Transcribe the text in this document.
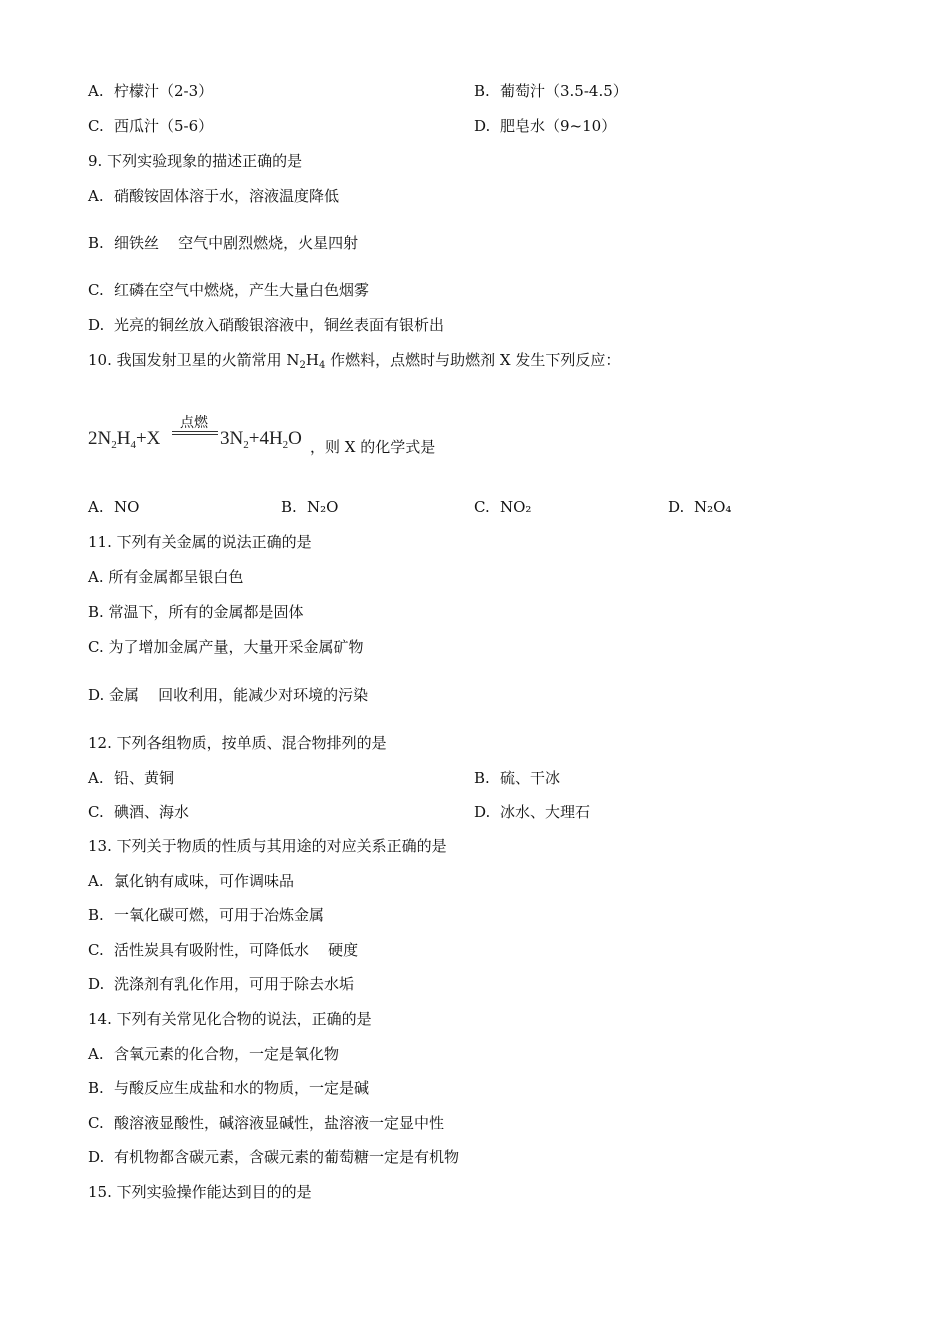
A. 柠檬汁（2-3）	B. 葡萄汁（3.5-4.5）
C. 西瓜汁（5-6）	D. 肥皂水（9~10）
9. 下列实验现象的描述正确的是
A. 硝酸铵固体溶于水，溶液温度降低
B. 细铁丝    空气中剧烈燃烧，火星四射
C. 红磷在空气中燃烧，产生大量白色烟雾
D. 光亮的铜丝放入硝酸银溶液中，铜丝表面有银析出
10. 我国发射卫星的火箭常用 $N_2H_4$ 作燃料，点燃时与助燃剂 X 发生下列反应：
$2N_2H_4+X$
点燃
$3N_2+4H_2O$ ，则 X 的化学式是
A. NO	B. N₂O	C. NO₂	D. N₂O₄
11. 下列有关金属的说法正确的是
A. 所有金属都呈银白色
B. 常温下，所有的金属都是固体
C. 为了增加金属产量，大量开采金属矿物
D. 金属    回收利用，能减少对环境的污染
12. 下列各组物质，按单质、混合物排列的是
A. 铅、黄铜	B. 硫、干冰
C. 碘酒、海水	D. 冰水、大理石
13. 下列关于物质的性质与其用途的对应关系正确的是
A. 氯化钠有咸味，可作调味品
B. 一氧化碳可燃，可用于冶炼金属
C. 活性炭具有吸附性，可降低水    硬度
D. 洗涤剂有乳化作用，可用于除去水垢
14. 下列有关常见化合物的说法，正确的是
A. 含氧元素的化合物，一定是氧化物
B. 与酸反应生成盐和水的物质，一定是碱
C. 酸溶液显酸性，碱溶液显碱性，盐溶液一定显中性
D. 有机物都含碳元素，含碳元素的葡萄糖一定是有机物
15. 下列实验操作能达到目的的是
